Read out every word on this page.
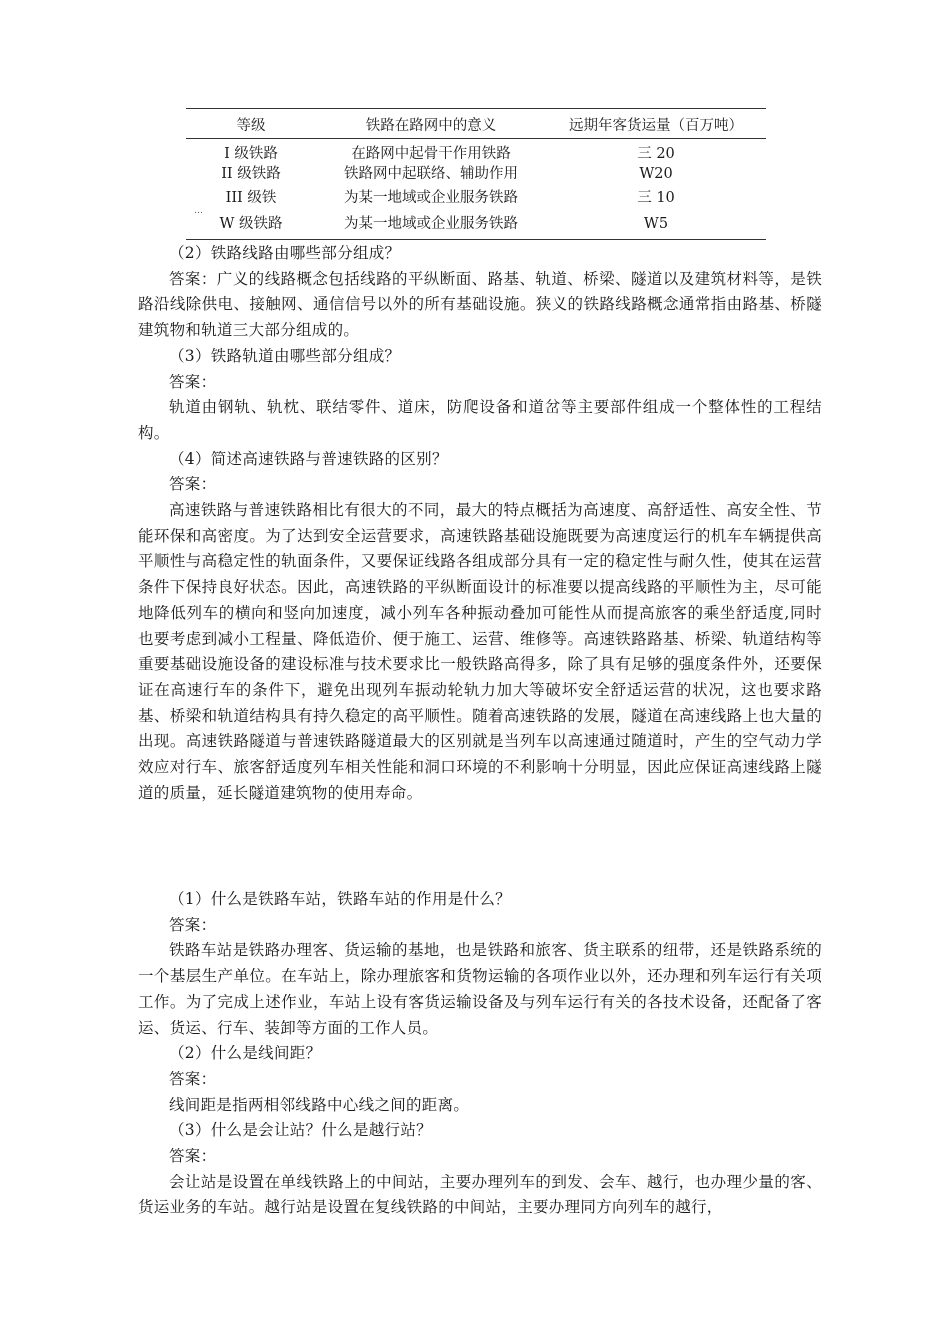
等级	铁路在路网中的意义	远期年客货运量（百万吨）
I 级铁路	在路网中起骨干作用铁路	三 20
II 级铁路	铁路网中起联络、辅助作用	W20
III 级铁	为某一地域或企业服务铁路	三 10
W 级铁路	为某一地域或企业服务铁路	W5
…

（2）铁路线路由哪些部分组成？

答案：广义的线路概念包括线路的平纵断面、路基、轨道、桥梁、隧道以及建筑材料等，是铁路沿线除供电、接触网、通信信号以外的所有基础设施。狭义的铁路线路概念通常指由路基、桥隧建筑物和轨道三大部分组成的。

（3）铁路轨道由哪些部分组成？

答案：

轨道由钢轨、轨枕、联结零件、道床，防爬设备和道岔等主要部件组成一个整体性的工程结构。

（4）简述高速铁路与普速铁路的区别？

答案：

高速铁路与普速铁路相比有很大的不同，最大的特点概括为高速度、高舒适性、高安全性、节能环保和高密度。为了达到安全运营要求，高速铁路基础设施既要为高速度运行的机车车辆提供高平顺性与高稳定性的轨面条件，又要保证线路各组成部分具有一定的稳定性与耐久性，使其在运营条件下保持良好状态。因此，高速铁路的平纵断面设计的标准要以提高线路的平顺性为主，尽可能地降低列车的横向和竖向加速度，减小列车各种振动叠加可能性从而提高旅客的乘坐舒适度,同时也要考虑到减小工程量、降低造价、便于施工、运营、维修等。高速铁路路基、桥梁、轨道结构等重要基础设施设备的建设标准与技术要求比一般铁路高得多，除了具有足够的强度条件外，还要保证在高速行车的条件下，避免出现列车振动轮轨力加大等破坏安全舒适运营的状况，这也要求路基、桥梁和轨道结构具有持久稳定的高平顺性。随着高速铁路的发展，隧道在高速线路上也大量的出现。高速铁路隧道与普速铁路隧道最大的区别就是当列车以高速通过随道时，产生的空气动力学效应对行车、旅客舒适度列车相关性能和洞口环境的不利影响十分明显，因此应保证高速线路上隧道的质量，延长隧道建筑物的使用寿命。

（1）什么是铁路车站，铁路车站的作用是什么？

答案：

铁路车站是铁路办理客、货运输的基地，也是铁路和旅客、货主联系的纽带，还是铁路系统的一个基层生产单位。在车站上，除办理旅客和货物运输的各项作业以外，还办理和列车运行有关项工作。为了完成上述作业，车站上设有客货运输设备及与列车运行有关的各技术设备，还配备了客运、货运、行车、装卸等方面的工作人员。

（2）什么是线间距？

答案：

线间距是指两相邻线路中心线之间的距离。

（3）什么是会让站？什么是越行站？

答案：

会让站是设置在单线铁路上的中间站，主要办理列车的到发、会车、越行，也办理少量的客、货运业务的车站。越行站是设置在复线铁路的中间站，主要办理同方向列车的越行，
